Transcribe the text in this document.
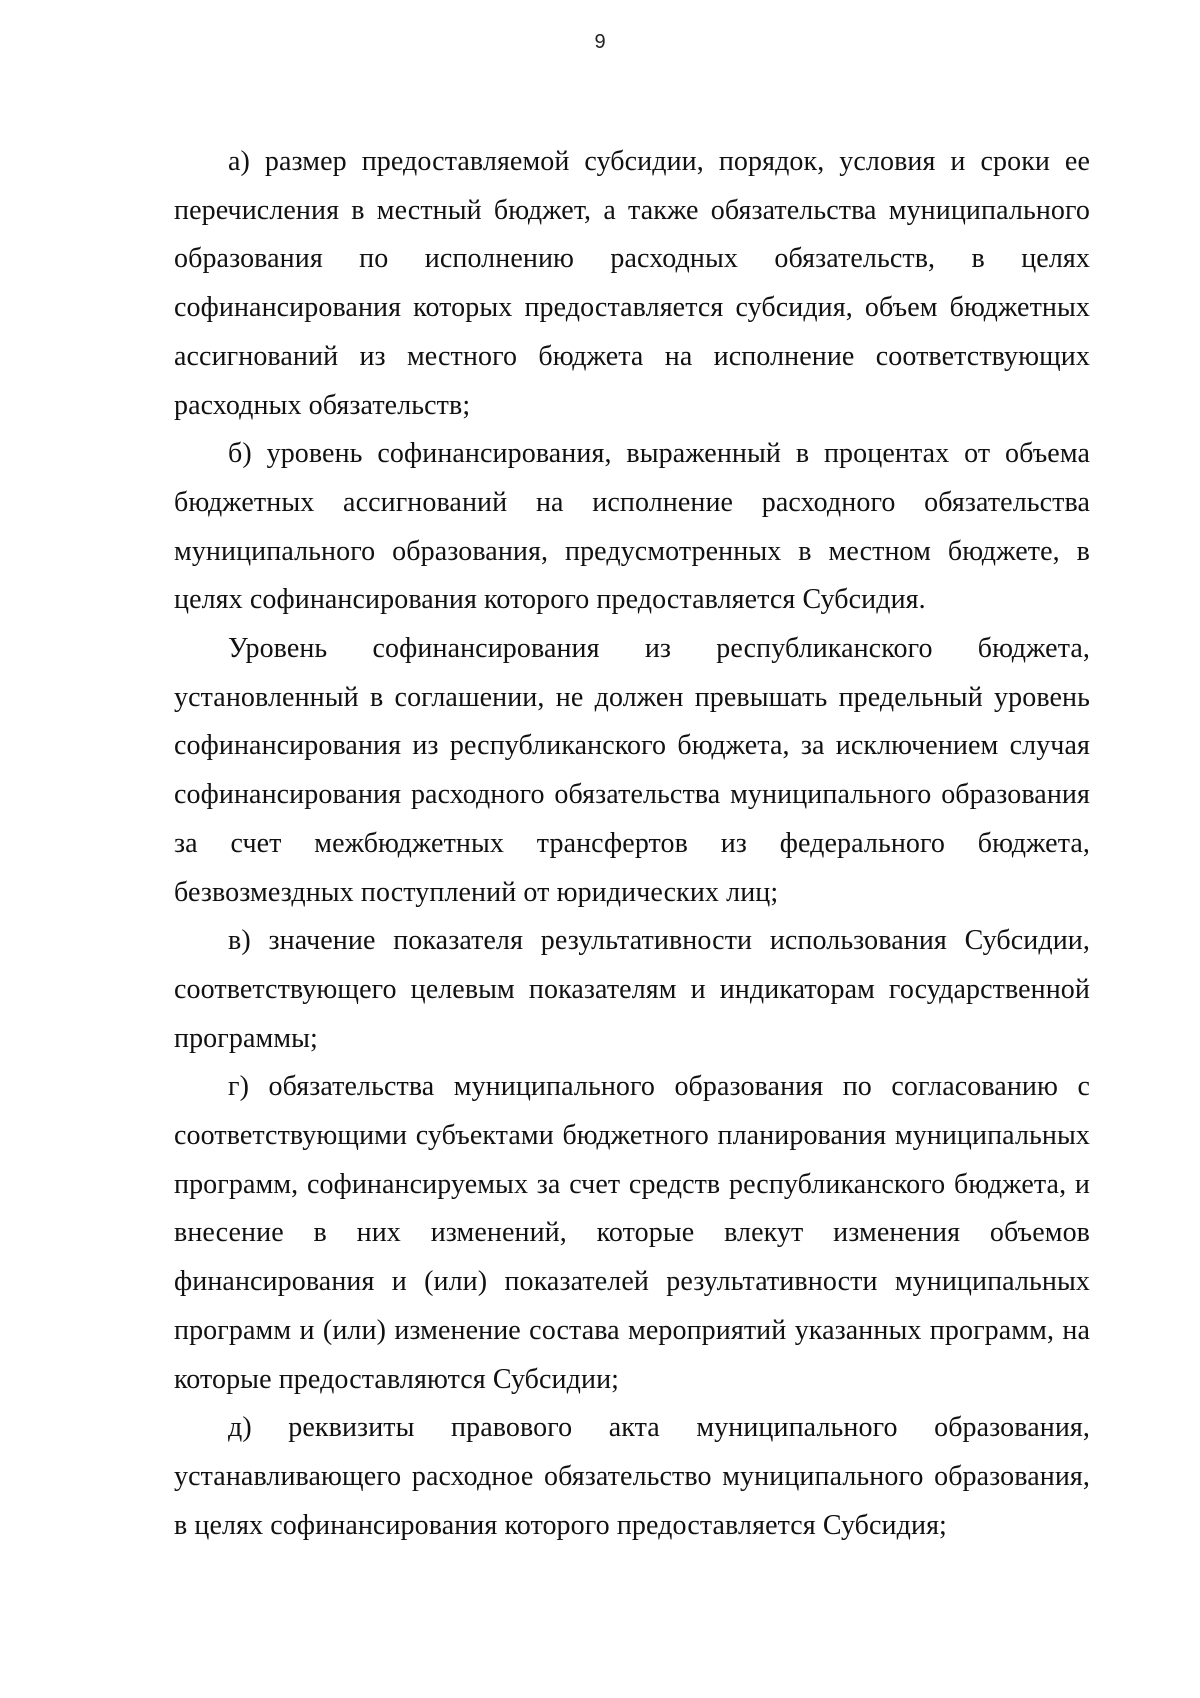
9

а) размер предоставляемой субсидии, порядок, условия и сроки ее перечисления в местный бюджет, а также обязательства муниципального образования по исполнению расходных обязательств, в целях софинансирования которых предоставляется субсидия, объем бюджетных ассигнований из местного бюджета на исполнение соответствующих расходных обязательств;

б) уровень софинансирования, выраженный в процентах от объема бюджетных ассигнований на исполнение расходного обязательства муниципального образования, предусмотренных в местном бюджете, в целях софинансирования которого предоставляется Субсидия.

Уровень софинансирования из республиканского бюджета, установленный в соглашении, не должен превышать предельный уровень софинансирования из республиканского бюджета, за исключением случая софинансирования расходного обязательства муниципального образования за счет межбюджетных трансфертов из федерального бюджета, безвозмездных поступлений от юридических лиц;

в) значение показателя результативности использования Субсидии, соответствующего целевым показателям и индикаторам государственной программы;

г) обязательства муниципального образования по согласованию с соответствующими субъектами бюджетного планирования муниципальных программ, софинансируемых за счет средств республиканского бюджета, и внесение в них изменений, которые влекут изменения объемов финансирования и (или) показателей результативности муниципальных программ и (или) изменение состава мероприятий указанных программ, на которые предоставляются Субсидии;

д) реквизиты правового акта муниципального образования, устанавливающего расходное обязательство муниципального образования, в целях софинансирования которого предоставляется Субсидия;
